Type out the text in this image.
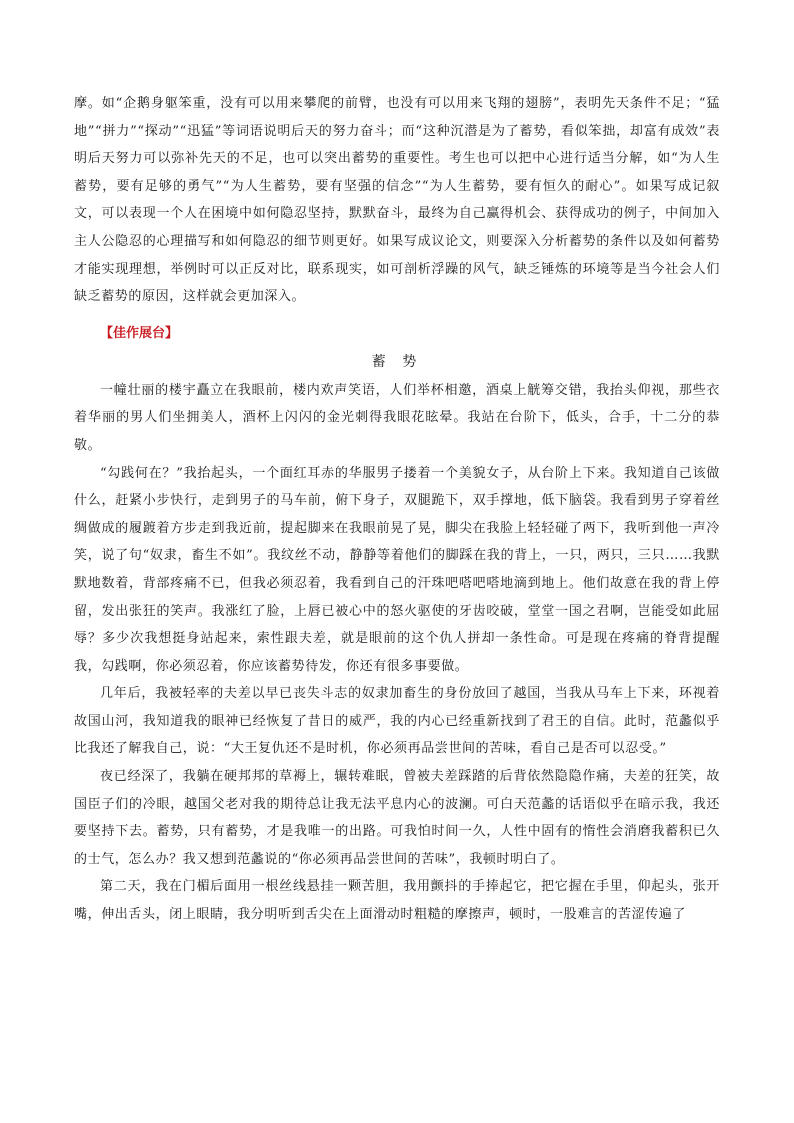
摩。如“企鹅身躯笨重，没有可以用来攀爬的前臂，也没有可以用来飞翔的翅膀”，表明先天条件不足；“猛地”“拼力”“探动”“迅猛”等词语说明后天的努力奋斗；而“这种沉潜是为了蓄势，看似笨拙，却富有成效”表明后天努力可以弥补先天的不足，也可以突出蓄势的重要性。考生也可以把中心进行适当分解，如“为人生蓄势，要有足够的勇气”“为人生蓄势，要有坚强的信念”“为人生蓄势，要有恒久的耐心”。如果写成记叙文，可以表现一个人在困境中如何隐忍坚持，默默奋斗，最终为自己赢得机会、获得成功的例子，中间加入主人公隐忍的心理描写和如何隐忍的细节则更好。如果写成议论文，则要深入分析蓄势的条件以及如何蓄势才能实现理想，举例时可以正反对比，联系现实，如可剖析浮躁的风气，缺乏锤炼的环境等是当今社会人们缺乏蓄势的原因，这样就会更加深入。

【佳作展台】

蓄 势

一幢壮丽的楼宇矗立在我眼前，楼内欢声笑语，人们举杯相邀，酒桌上觥筹交错，我抬头仰视，那些衣着华丽的男人们坐拥美人，酒杯上闪闪的金光刺得我眼花眩晕。我站在台阶下，低头，合手，十二分的恭敬。

“勾践何在？”我抬起头，一个面红耳赤的华服男子搂着一个美貌女子，从台阶上下来。我知道自己该做什么，赶紧小步快行，走到男子的马车前，俯下身子，双腿跪下，双手撑地，低下脑袋。我看到男子穿着丝绸做成的履踱着方步走到我近前，提起脚来在我眼前晃了晃，脚尖在我脸上轻轻碰了两下，我听到他一声冷笑，说了句“奴隶，畜生不如”。我纹丝不动，静静等着他们的脚踩在我的背上，一只，两只，三只……我默默地数着，背部疼痛不已，但我必须忍着，我看到自己的汗珠吧嗒吧嗒地滴到地上。他们故意在我的背上停留，发出张狂的笑声。我涨红了脸，上唇已被心中的怒火驱使的牙齿咬破，堂堂一国之君啊，岂能受如此屈辱？多少次我想挺身站起来，索性跟夫差，就是眼前的这个仇人拼却一条性命。可是现在疼痛的脊背提醒我，勾践啊，你必须忍着，你应该蓄势待发，你还有很多事要做。

几年后，我被轻率的夫差以早已丧失斗志的奴隶加畜生的身份放回了越国，当我从马车上下来，环视着故国山河，我知道我的眼神已经恢复了昔日的威严，我的内心已经重新找到了君王的自信。此时，范蠡似乎比我还了解我自己，说：“大王复仇还不是时机，你必须再品尝世间的苦味，看自己是否可以忍受。”

夜已经深了，我躺在硬邦邦的草褥上，辗转难眠，曾被夫差踩踏的后背依然隐隐作痛，夫差的狂笑，故国臣子们的冷眼，越国父老对我的期待总让我无法平息内心的波澜。可白天范蠡的话语似乎在暗示我，我还要坚持下去。蓄势，只有蓄势，才是我唯一的出路。可我怕时间一久，人性中固有的惰性会消磨我蓄积已久的士气，怎么办？我又想到范蠡说的“你必须再品尝世间的苦味”，我顿时明白了。

第二天，我在门楣后面用一根丝线悬挂一颗苦胆，我用颤抖的手捧起它，把它握在手里，仰起头，张开嘴，伸出舌头，闭上眼睛，我分明听到舌尖在上面滑动时粗糙的摩擦声，顿时，一股难言的苦涩传遍了
